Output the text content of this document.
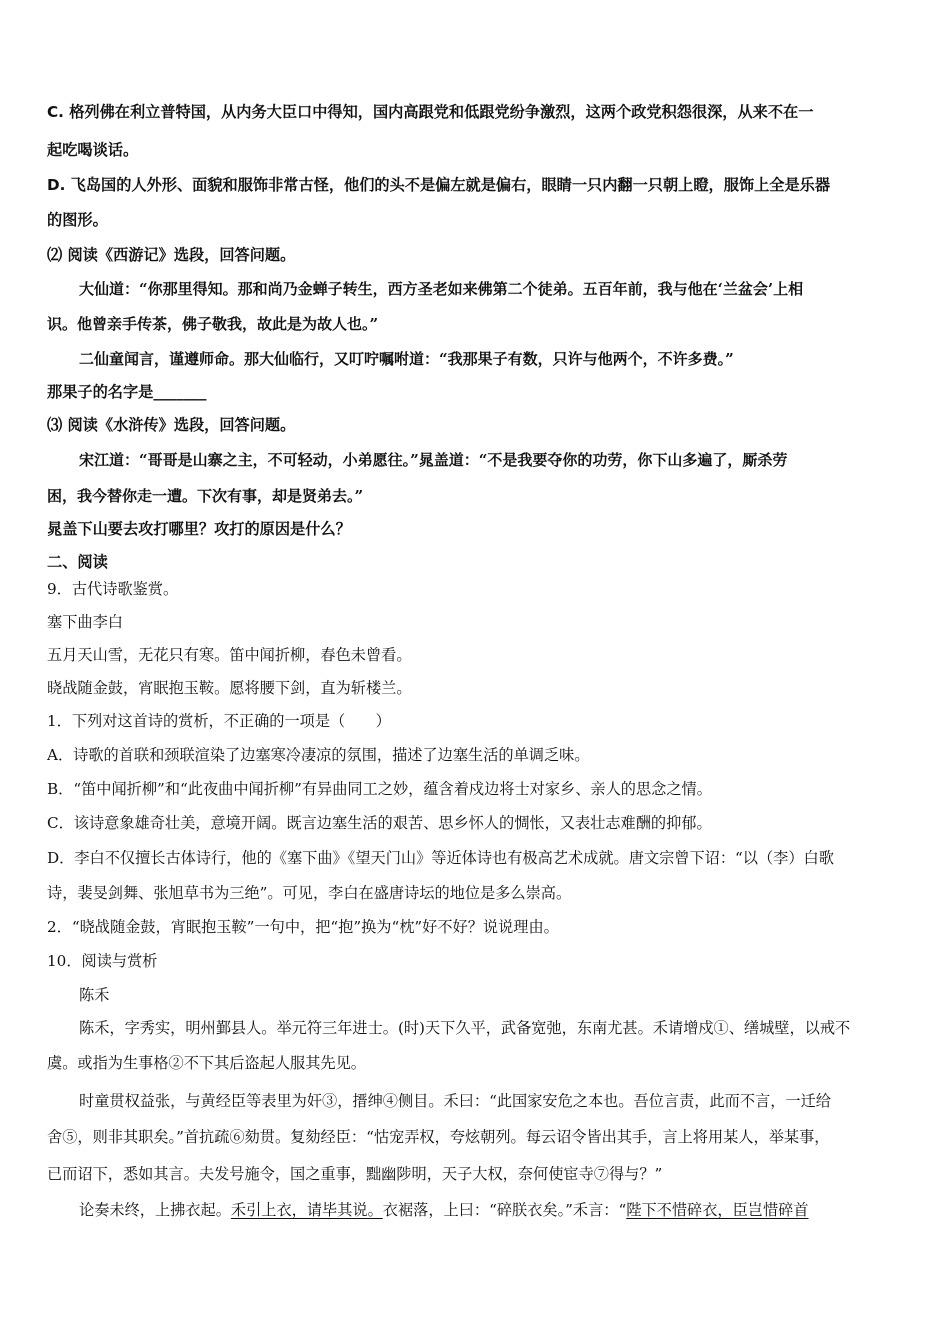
C. 格列佛在利立普特国，从内务大臣口中得知，国内高跟党和低跟党纷争激烈，这两个政党积怨很深，从来不在一
起吃喝谈话。
D. 飞岛国的人外形、面貌和服饰非常古怪，他们的头不是偏左就是偏右，眼睛一只内翻一只朝上瞪，服饰上全是乐器
的图形。
⑵ 阅读《西游记》选段，回答问题。
大仙道：“你那里得知。那和尚乃金蝉子转生，西方圣老如来佛第二个徒弟。五百年前，我与他在‘兰盆会’上相
识。他曾亲手传茶，佛子敬我，故此是为故人也。”
二仙童闻言，谨遵师命。那大仙临行，又叮咛嘱咐道：“我那果子有数，只许与他两个，不许多费。”
那果子的名字是_______
⑶ 阅读《水浒传》选段，回答问题。
宋江道：“哥哥是山寨之主，不可轻动，小弟愿往。”晁盖道：“不是我要夺你的功劳，你下山多遍了，厮杀劳
困，我今替你走一遭。下次有事，却是贤弟去。”
晁盖下山要去攻打哪里？攻打的原因是什么？
二、阅读
9．古代诗歌鉴赏。
塞下曲李白
五月天山雪，无花只有寒。笛中闻折柳，春色未曾看。
晓战随金鼓，宵眠抱玉鞍。愿将腰下剑，直为斩楼兰。
1．下列对这首诗的赏析，不正确的一项是（　　）
A．诗歌的首联和颈联渲染了边塞寒冷凄凉的氛围，描述了边塞生活的单调乏味。
B．“笛中闻折柳”和“此夜曲中闻折柳”有异曲同工之妙，蕴含着戍边将士对家乡、亲人的思念之情。
C．该诗意象雄奇壮美，意境开阔。既言边塞生活的艰苦、思乡怀人的惆怅，又表壮志难酬的抑郁。
D．李白不仅擅长古体诗行，他的《塞下曲》《望天门山》等近体诗也有极高艺术成就。唐文宗曾下诏：“以（李）白歌
诗，裴旻剑舞、张旭草书为三绝”。可见，李白在盛唐诗坛的地位是多么崇高。
2．“晓战随金鼓，宵眠抱玉鞍”一句中，把“抱”换为“枕”好不好？说说理由。
10．阅读与赏析
陈禾
陈禾，字秀实，明州鄞县人。举元符三年进士。(时)天下久平，武备宽弛，东南尤甚。禾请增戍①、缮城壁，以戒不
虞。或指为生事格②不下其后盗起人服其先见。
时童贯权益张，与黄经臣等表里为奸③，搢绅④侧目。禾曰：“此国家安危之本也。吾位言责，此而不言，一迁给
舍⑤，则非其职矣。”首抗疏⑥劾贯。复劾经臣：“怙宠弄权，夸炫朝列。每云诏令皆出其手，言上将用某人，举某事，
已而诏下，悉如其言。夫发号施令，国之重事，黜幽陟明，天子大权，奈何使宦寺⑦得与？”
论奏未终，上拂衣起。禾引上衣，请毕其说。衣裾落，上曰：“碎朕衣矣。”禾言：“陛下不惜碎衣，臣岂惜碎首
